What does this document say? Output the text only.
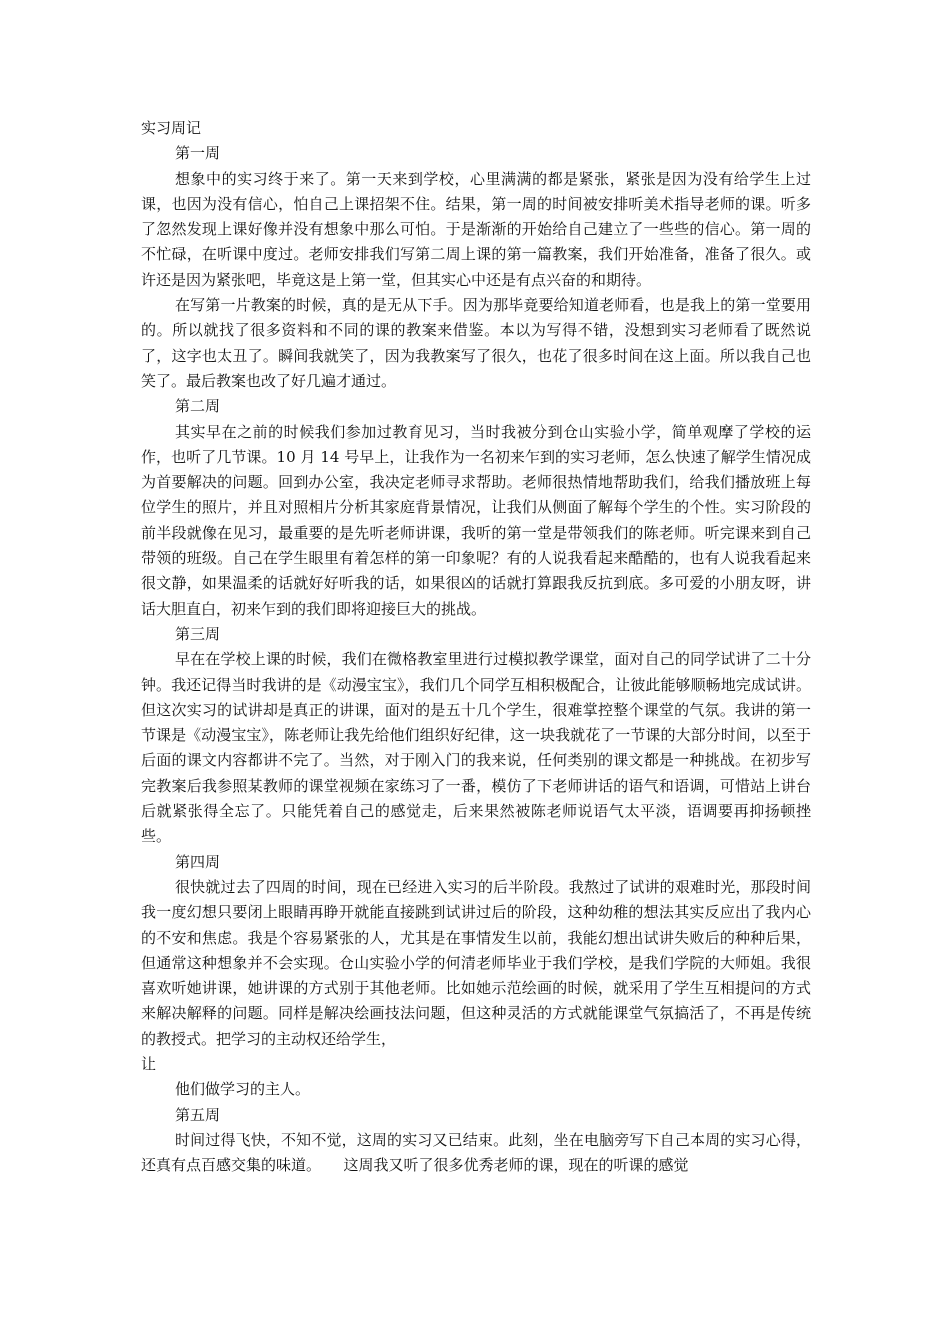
实习周记

第一周

想象中的实习终于来了。第一天来到学校，心里满满的都是紧张，紧张是因为没有给学生上过课，也因为没有信心，怕自己上课招架不住。结果，第一周的时间被安排听美术指导老师的课。听多了忽然发现上课好像并没有想象中那么可怕。于是渐渐的开始给自己建立了一些些的信心。第一周的不忙碌，在听课中度过。老师安排我们写第二周上课的第一篇教案，我们开始准备，准备了很久。或许还是因为紧张吧，毕竟这是上第一堂，但其实心中还是有点兴奋的和期待。

在写第一片教案的时候，真的是无从下手。因为那毕竟要给知道老师看，也是我上的第一堂要用的。所以就找了很多资料和不同的课的教案来借鉴。本以为写得不错，没想到实习老师看了既然说了，这字也太丑了。瞬间我就笑了，因为我教案写了很久，也花了很多时间在这上面。所以我自己也笑了。最后教案也改了好几遍才通过。

第二周

其实早在之前的时候我们参加过教育见习，当时我被分到仓山实验小学，简单观摩了学校的运作，也听了几节课。10 月 14 号早上，让我作为一名初来乍到的实习老师，怎么快速了解学生情况成为首要解决的问题。回到办公室，我决定老师寻求帮助。老师很热情地帮助我们，给我们播放班上每位学生的照片，并且对照相片分析其家庭背景情况，让我们从侧面了解每个学生的个性。实习阶段的前半段就像在见习，最重要的是先听老师讲课，我听的第一堂是带领我们的陈老师。听完课来到自己带领的班级。自己在学生眼里有着怎样的第一印象呢？有的人说我看起来酷酷的，也有人说我看起来很文静，如果温柔的话就好好听我的话，如果很凶的话就打算跟我反抗到底。多可爱的小朋友呀，讲话大胆直白，初来乍到的我们即将迎接巨大的挑战。

第三周

早在在学校上课的时候，我们在微格教室里进行过模拟教学课堂，面对自己的同学试讲了二十分钟。我还记得当时我讲的是《动漫宝宝》，我们几个同学互相积极配合，让彼此能够顺畅地完成试讲。但这次实习的试讲却是真正的讲课，面对的是五十几个学生，很难掌控整个课堂的气氛。我讲的第一节课是《动漫宝宝》，陈老师让我先给他们组织好纪律，这一块我就花了一节课的大部分时间，以至于后面的课文内容都讲不完了。当然，对于刚入门的我来说，任何类别的课文都是一种挑战。在初步写完教案后我参照某教师的课堂视频在家练习了一番，模仿了下老师讲话的语气和语调，可惜站上讲台后就紧张得全忘了。只能凭着自己的感觉走，后来果然被陈老师说语气太平淡，语调要再抑扬顿挫些。

第四周

很快就过去了四周的时间，现在已经进入实习的后半阶段。我熬过了试讲的艰难时光，那段时间我一度幻想只要闭上眼睛再睁开就能直接跳到试讲过后的阶段，这种幼稚的想法其实反应出了我内心的不安和焦虑。我是个容易紧张的人，尤其是在事情发生以前，我能幻想出试讲失败后的种种后果，但通常这种想象并不会实现。仓山实验小学的何清老师毕业于我们学校，是我们学院的大师姐。我很喜欢听她讲课，她讲课的方式别于其他老师。比如她示范绘画的时候，就采用了学生互相提问的方式来解决解释的问题。同样是解决绘画技法问题，但这种灵活的方式就能课堂气氛搞活了，不再是传统的教授式。把学习的主动权还给学生，

让

他们做学习的主人。

第五周

时间过得飞快，不知不觉，这周的实习又已结束。此刻，坐在电脑旁写下自己本周的实习心得，还真有点百感交集的味道。　　这周我又听了很多优秀老师的课，现在的听课的感觉
